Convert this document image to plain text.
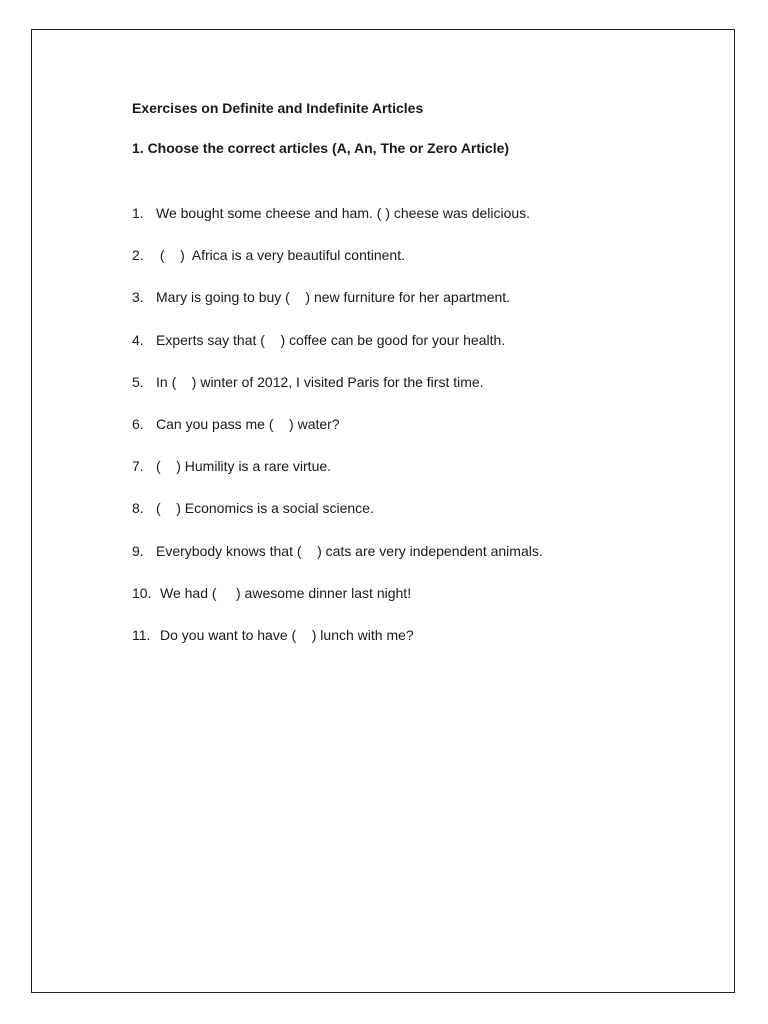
Exercises on Definite and Indefinite Articles
1. Choose the correct articles (A, An, The or Zero Article)
1. We bought some cheese and ham. ( ) cheese was delicious.
2. (    )  Africa is a very beautiful continent.
3. Mary is going to buy (    ) new furniture for her apartment.
4. Experts say that (    ) coffee can be good for your health.
5. In (    ) winter of 2012, I visited Paris for the first time.
6. Can you pass me (    ) water?
7. (    ) Humility is a rare virtue.
8. (    ) Economics is a social science.
9. Everybody knows that (    ) cats are very independent animals.
10. We had (     ) awesome dinner last night!
11. Do you want to have (    ) lunch with me?
